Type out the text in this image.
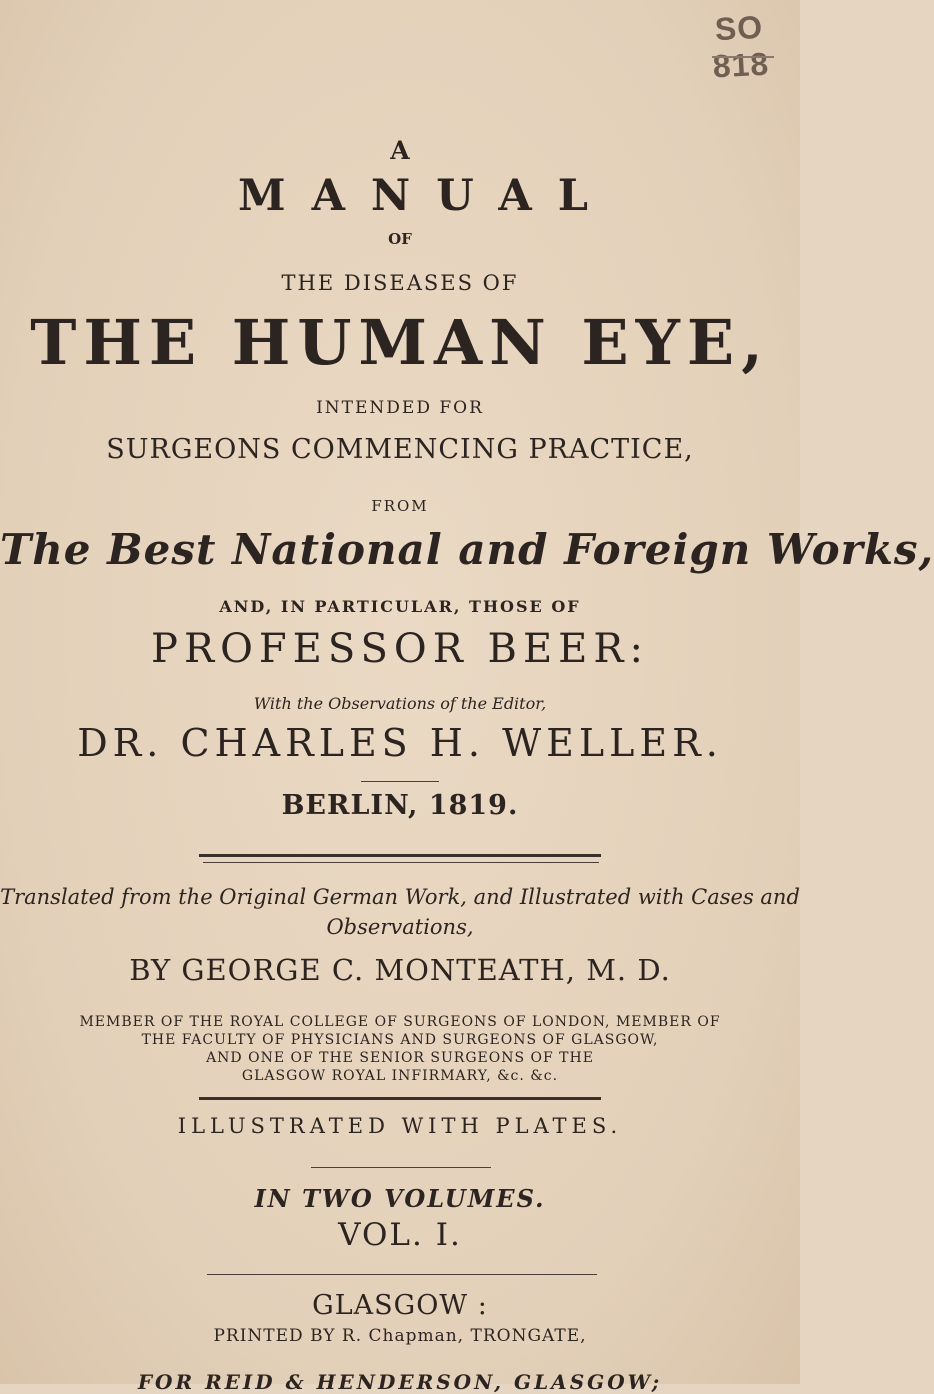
SO 818
A
MANUAL
OF
THE DISEASES OF
THE HUMAN EYE,
INTENDED FOR
SURGEONS COMMENCING PRACTICE,
FROM
The Best National and Foreign Works,
AND, IN PARTICULAR, THOSE OF
PROFESSOR BEER:
With the Observations of the Editor,
DR. CHARLES H. WELLER.
BERLIN, 1819.
Translated from the Original German Work, and Illustrated with Cases and
Observations,
BY GEORGE C. MONTEATH, M. D.
MEMBER OF THE ROYAL COLLEGE OF SURGEONS OF LONDON, MEMBER OF
THE FACULTY OF PHYSICIANS AND SURGEONS OF GLASGOW,
AND ONE OF THE SENIOR SURGEONS OF THE
GLASGOW ROYAL INFIRMARY, &c. &c.
ILLUSTRATED WITH PLATES.
IN TWO VOLUMES.
VOL. I.
GLASGOW :
PRINTED BY R. Chapman, TRONGATE,
FOR REID & HENDERSON, GLASGOW;
